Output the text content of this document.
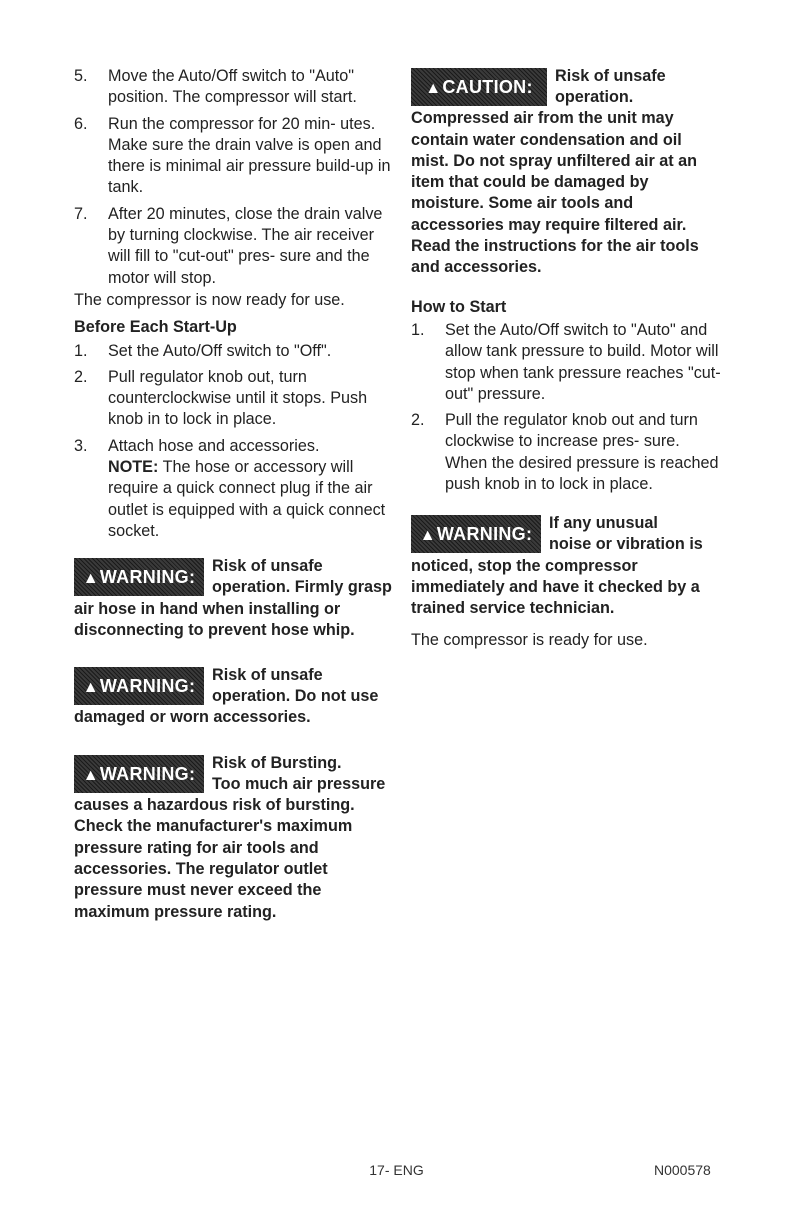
5. Move the Auto/Off switch to "Auto" position. The compressor will start.
6. Run the compressor for 20 min- utes. Make sure the drain valve is open and there is minimal air pressure build-up in tank.
7. After 20 minutes, close the drain valve by turning clockwise. The air receiver will fill to "cut-out" pres- sure and the motor will stop.

The compressor is now ready for use.

Before Each Start-Up

1. Set the Auto/Off switch to "Off".
2. Pull regulator knob out, turn counterclockwise until it stops. Push knob in to lock in place.
3. Attach hose and accessories.
NOTE: The hose or accessory will require a quick connect plug if the air outlet is equipped with a quick connect socket.
▲WARNING:
Risk of unsafe
operation. Firmly grasp air hose in hand when installing or disconnecting to prevent hose whip.
▲WARNING:
Risk of unsafe
operation. Do not use damaged or worn accessories.
▲WARNING:
Risk of Bursting.
Too much air pressure causes a hazardous risk of bursting. Check the manufacturer's maximum pressure rating for air tools and accessories. The regulator outlet pressure must never exceed the maximum pressure rating.
▲CAUTION:
Risk of unsafe
operation. Compressed air from the unit may contain water condensation and oil mist. Do not spray unfiltered air at an item that could be damaged by moisture. Some air tools and accessories may require filtered air. Read the instructions for the air tools and accessories.

How to Start

1. Set the Auto/Off switch to "Auto" and allow tank pressure to build. Motor will stop when tank pressure reaches "cut-out" pressure.
2. Pull the regulator knob out and turn clockwise to increase pres- sure. When the desired pressure is reached push knob in to lock in place.
▲WARNING:
If any unusual
noise or vibration is noticed, stop the compressor immediately and have it checked by a trained service technician.

The compressor is ready for use.

17- ENG	N000578
